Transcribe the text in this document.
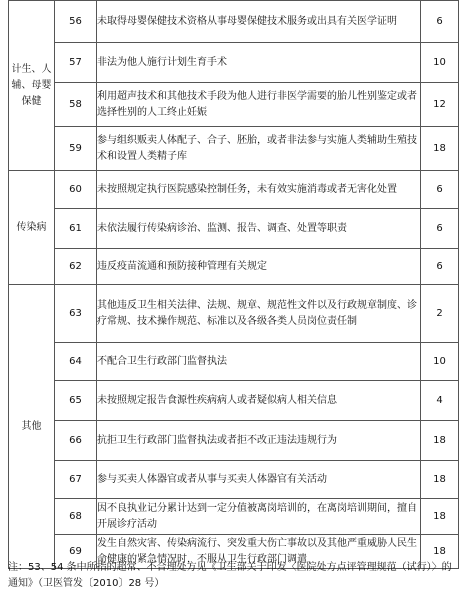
计生、人辅、母婴保健	56	未取得母婴保健技术资格从事母婴保健技术服务或出具有关医学证明	6
	57	非法为他人施行计划生育手术	10
	58	利用超声技术和其他技术手段为他人进行非医学需要的胎儿性别鉴定或者选择性别的人工终止妊娠	12
	59	参与组织贩卖人体配子、合子、胚胎，或者非法参与实施人类辅助生殖技术和设置人类精子库	18
传染病	60	未按照规定执行医院感染控制任务，未有效实施消毒或者无害化处置	6
	61	未依法履行传染病诊治、监测、报告、调查、处置等职责	6
	62	违反疫苗流通和预防接种管理有关规定	6
其他	63	其他违反卫生相关法律、法规、规章、规范性文件以及行政规章制度、诊疗常规、技术操作规范、标准以及各级各类人员岗位责任制	2
	64	不配合卫生行政部门监督执法	10
	65	未按照规定报告食源性疾病病人或者疑似病人相关信息	4
	66	抗拒卫生行政部门监督执法或者拒不改正违法违规行为	18
	67	参与买卖人体器官或者从事与买卖人体器官有关活动	18
	68	因不良执业记分累计达到一定分值被离岗培训的，在离岗培训期间，擅自开展诊疗活动	18
	69	发生自然灾害、传染病流行、突发重大伤亡事故以及其他严重威胁人民生命健康的紧急情况时，不服从卫生行政部门调遣	18
注：53、54 条中所指的超常、不合理处方见《卫生部关于印发〈医院处方点评管理规范（试行）〉的通知》（卫医管发〔2010〕28 号）
